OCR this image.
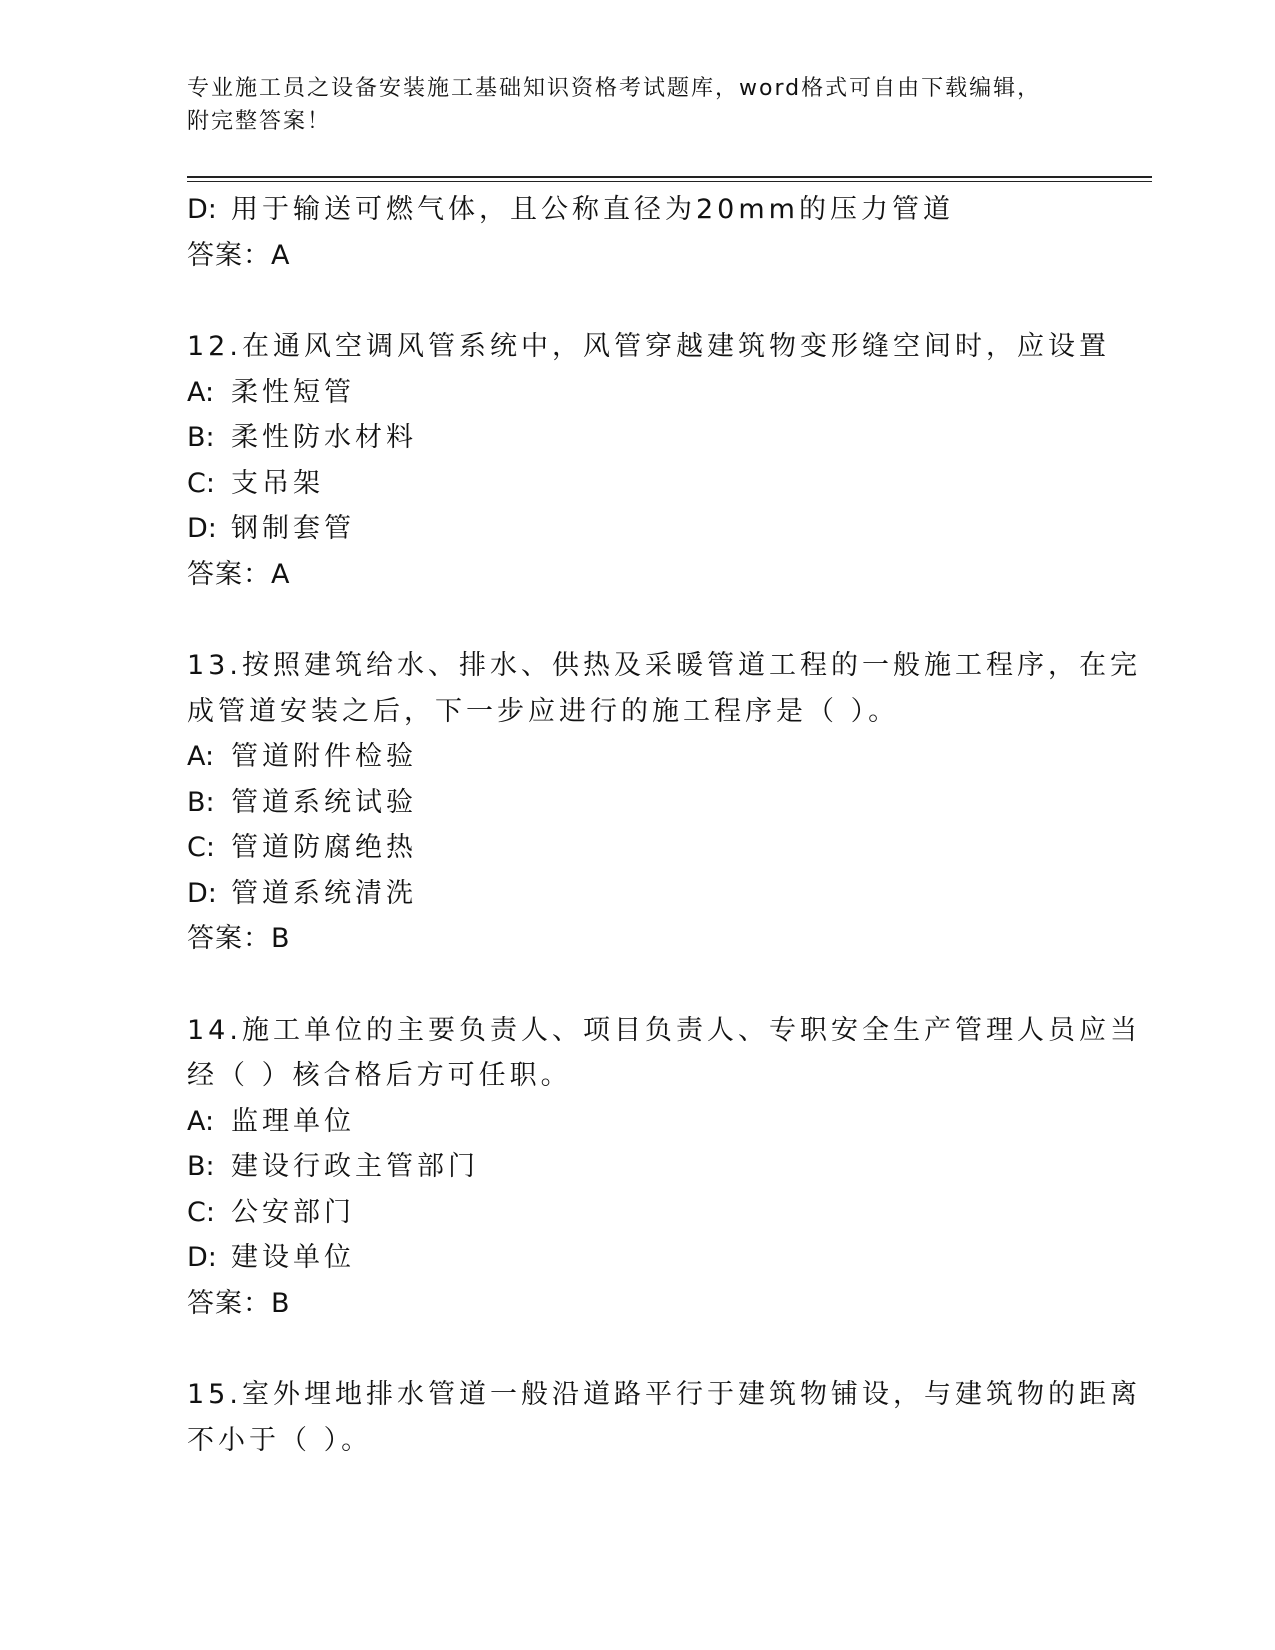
专业施工员之设备安装施工基础知识资格考试题库，word格式可自由下载编辑，
附完整答案！
D: 用于输送可燃气体，且公称直径为20mm的压力管道
答案：A
12.在通风空调风管系统中，风管穿越建筑物变形缝空间时，应设置
A: 柔性短管
B: 柔性防水材料
C: 支吊架
D: 钢制套管
答案：A
13.按照建筑给水、排水、供热及采暖管道工程的一般施工程序，在完
成管道安装之后，下一步应进行的施工程序是（ ）。
A: 管道附件检验
B: 管道系统试验
C: 管道防腐绝热
D: 管道系统清洗
答案：B
14.施工单位的主要负责人、项目负责人、专职安全生产管理人员应当
经（ ）核合格后方可任职。
A: 监理单位
B: 建设行政主管部门
C: 公安部门
D: 建设单位
答案：B
15.室外埋地排水管道一般沿道路平行于建筑物铺设，与建筑物的距离
不小于（ ）。
